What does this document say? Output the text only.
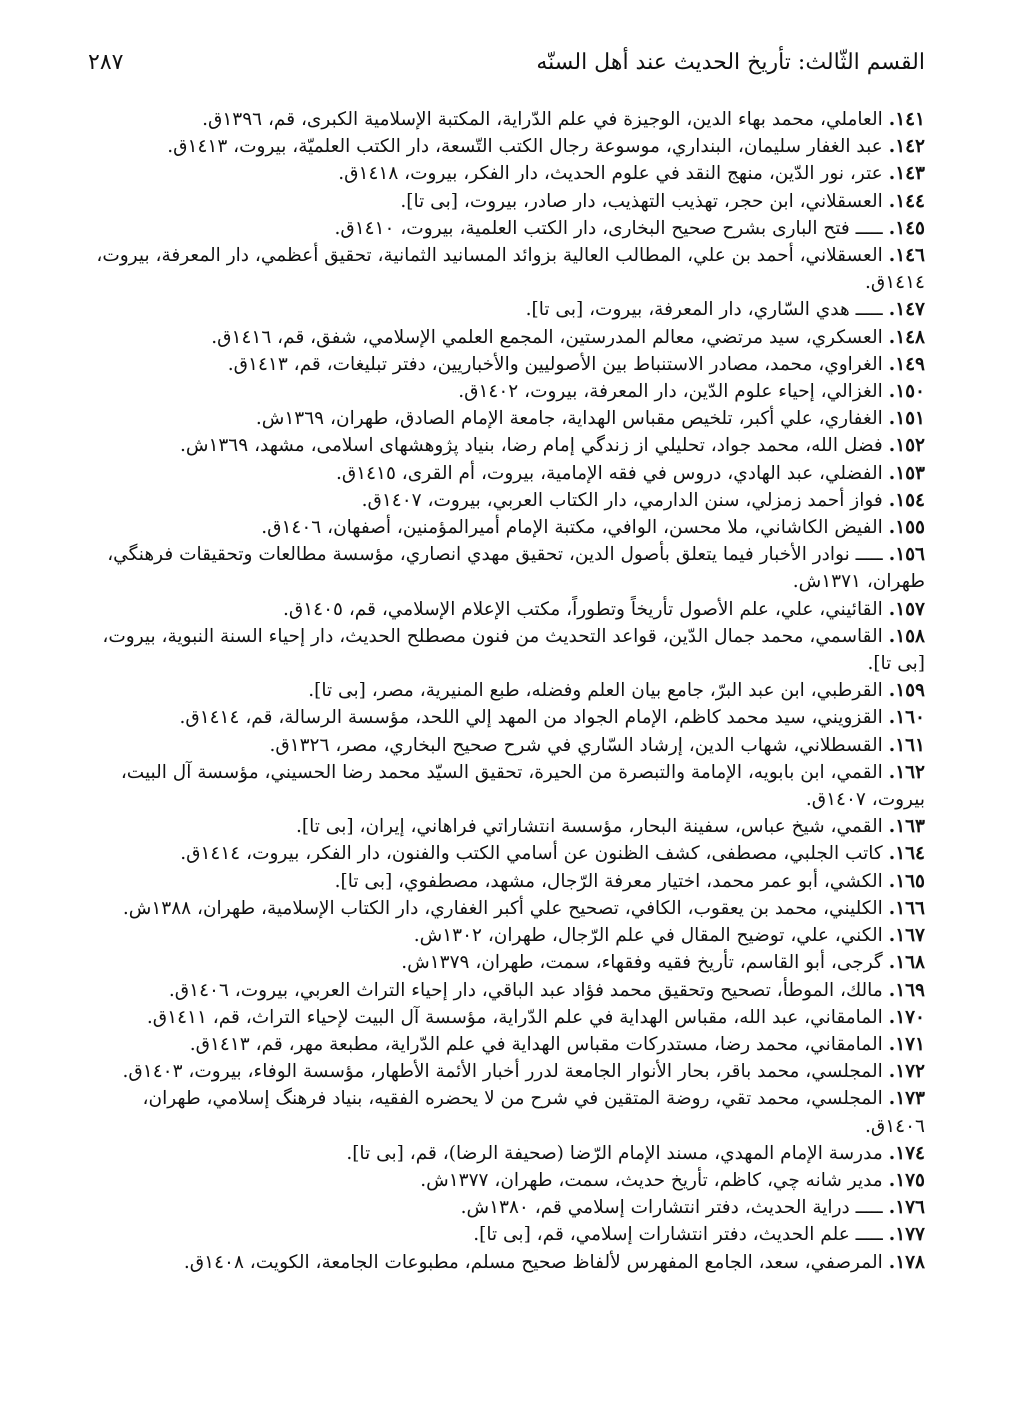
القسم الثّالث: تأريخ الحديث عند أهل السنّه
٢٨٧
١٤١.العاملي، محمد بهاء الدين، الوجيزة في علم الدّراية، المكتبة الإسلامية الكبرى، قم، ١٣٩٦ق.
١٤٢.عبد الغفار سليمان، البنداري، موسوعة رجال الكتب التّسعة، دار الكتب العلميّة، بيروت، ١٤١٣ق.
١٤٣.عتر، نور الدّين، منهج النقد في علوم الحديث، دار الفكر، بيروت، ١٤١٨ق.
١٤٤.العسقلاني، ابن حجر، تهذيب التهذيب، دار صادر، بيروت، [بى تا].
١٤٥.ـــــ فتح البارى بشرح صحيح البخارى، دار الكتب العلمية، بيروت، ١٤١٠ق.
١٤٦.العسقلاني، أحمد بن علي، المطالب العالية بزوائد المسانيد الثمانية، تحقيق أعظمي، دار المعرفة، بيروت، ١٤١٤ق.
١٤٧.ـــــ هدي السّاري، دار المعرفة، بيروت، [بى تا].
١٤٨.العسكري، سيد مرتضي، معالم المدرستين، المجمع العلمي الإسلامي، شفق، قم، ١٤١٦ق.
١٤٩.الغراوي، محمد، مصادر الاستنباط بين الأصوليين والأخباريين، دفتر تبليغات، قم، ١٤١٣ق.
١٥٠.الغزالي، إحياء علوم الدّين، دار المعرفة، بيروت، ١٤٠٢ق.
١٥١.الغفاري، علي أكبر، تلخيص مقباس الهداية، جامعة الإمام الصادق، طهران، ١٣٦٩ش.
١٥٢.فضل الله، محمد جواد، تحليلي از زندگي إمام رضا، بنياد پژوهشهاى اسلامى، مشهد، ١٣٦٩ش.
١٥٣.الفضلي، عبد الهادي، دروس في فقه الإمامية، بيروت، أم القرى، ١٤١٥ق.
١٥٤.فواز أحمد زمزلي، سنن الدارمي، دار الكتاب العربي، بيروت، ١٤٠٧ق.
١٥٥.الفيض الكاشاني، ملا محسن، الوافي، مكتبة الإمام أميرالمؤمنين، أصفهان، ١٤٠٦ق.
١٥٦.ـــــ نوادر الأخبار فيما يتعلق بأصول الدين، تحقيق مهدي انصاري، مؤسسة مطالعات وتحقيقات فرهنگي، طهران، ١٣٧١ش.
١٥٧.القائيني، علي، علم الأصول تأريخاً وتطوراً، مكتب الإعلام الإسلامي، قم، ١٤٠٥ق.
١٥٨.القاسمي، محمد جمال الدّين، قواعد التحديث من فنون مصطلح الحديث، دار إحياء السنة النبوية، بيروت، [بى تا].
١٥٩.القرطبي، ابن عبد البرّ، جامع بيان العلم وفضله، طبع المنيرية، مصر، [بى تا].
١٦٠.القزويني، سيد محمد كاظم، الإمام الجواد من المهد إلي اللحد، مؤسسة الرسالة، قم، ١٤١٤ق.
١٦١.القسطلاني، شهاب الدين، إرشاد السّاري في شرح صحيح البخاري، مصر، ١٣٢٦ق.
١٦٢.القمي، ابن بابويه، الإمامة والتبصرة من الحيرة، تحقيق السيّد محمد رضا الحسيني، مؤسسة آل البيت، بيروت، ١٤٠٧ق.
١٦٣.القمي، شيخ عباس، سفينة البحار، مؤسسة انتشاراتي فراهاني، إيران، [بى تا].
١٦٤.كاتب الجلبي، مصطفى، كشف الظنون عن أسامي الكتب والفنون، دار الفكر، بيروت، ١٤١٤ق.
١٦٥.الكشي، أبو عمر محمد، اختيار معرفة الرّجال، مشهد، مصطفوي، [بى تا].
١٦٦.الكليني، محمد بن يعقوب، الكافي، تصحيح علي أكبر الغفاري، دار الكتاب الإسلامية، طهران، ١٣٨٨ش.
١٦٧.الكني، علي، توضيح المقال في علم الرّجال، طهران، ١٣٠٢ش.
١٦٨.گرجى، أبو القاسم، تأريخ فقيه وفقهاء، سمت، طهران، ١٣٧٩ش.
١٦٩.مالك، الموطأ، تصحيح وتحقيق محمد فؤاد عبد الباقي، دار إحياء التراث العربي، بيروت، ١٤٠٦ق.
١٧٠.المامقاني، عبد الله، مقباس الهداية في علم الدّراية، مؤسسة آل البيت لإحياء التراث، قم، ١٤١١ق.
١٧١.المامقاني، محمد رضا، مستدركات مقباس الهداية في علم الدّراية، مطبعة مهر، قم، ١٤١٣ق.
١٧٢.المجلسي، محمد باقر، بحار الأنوار الجامعة لدرر أخبار الأئمة الأطهار، مؤسسة الوفاء، بيروت، ١٤٠٣ق.
١٧٣.المجلسي، محمد تقي، روضة المتقين في شرح من لا يحضره الفقيه، بنياد فرهنگ إسلامي، طهران، ١٤٠٦ق.
١٧٤.مدرسة الإمام المهدي، مسند الإمام الرّضا (صحيفة الرضا)، قم، [بى تا].
١٧٥.مدير شانه چي، كاظم، تأريخ حديث، سمت، طهران، ١٣٧٧ش.
١٧٦.ـــــ دراية الحديث، دفتر انتشارات إسلامي قم، ١٣٨٠ش.
١٧٧.ـــــ علم الحديث، دفتر انتشارات إسلامي، قم، [بى تا].
١٧٨.المرصفي، سعد، الجامع المفهرس لألفاظ صحيح مسلم، مطبوعات الجامعة، الكويت، ١٤٠٨ق.
